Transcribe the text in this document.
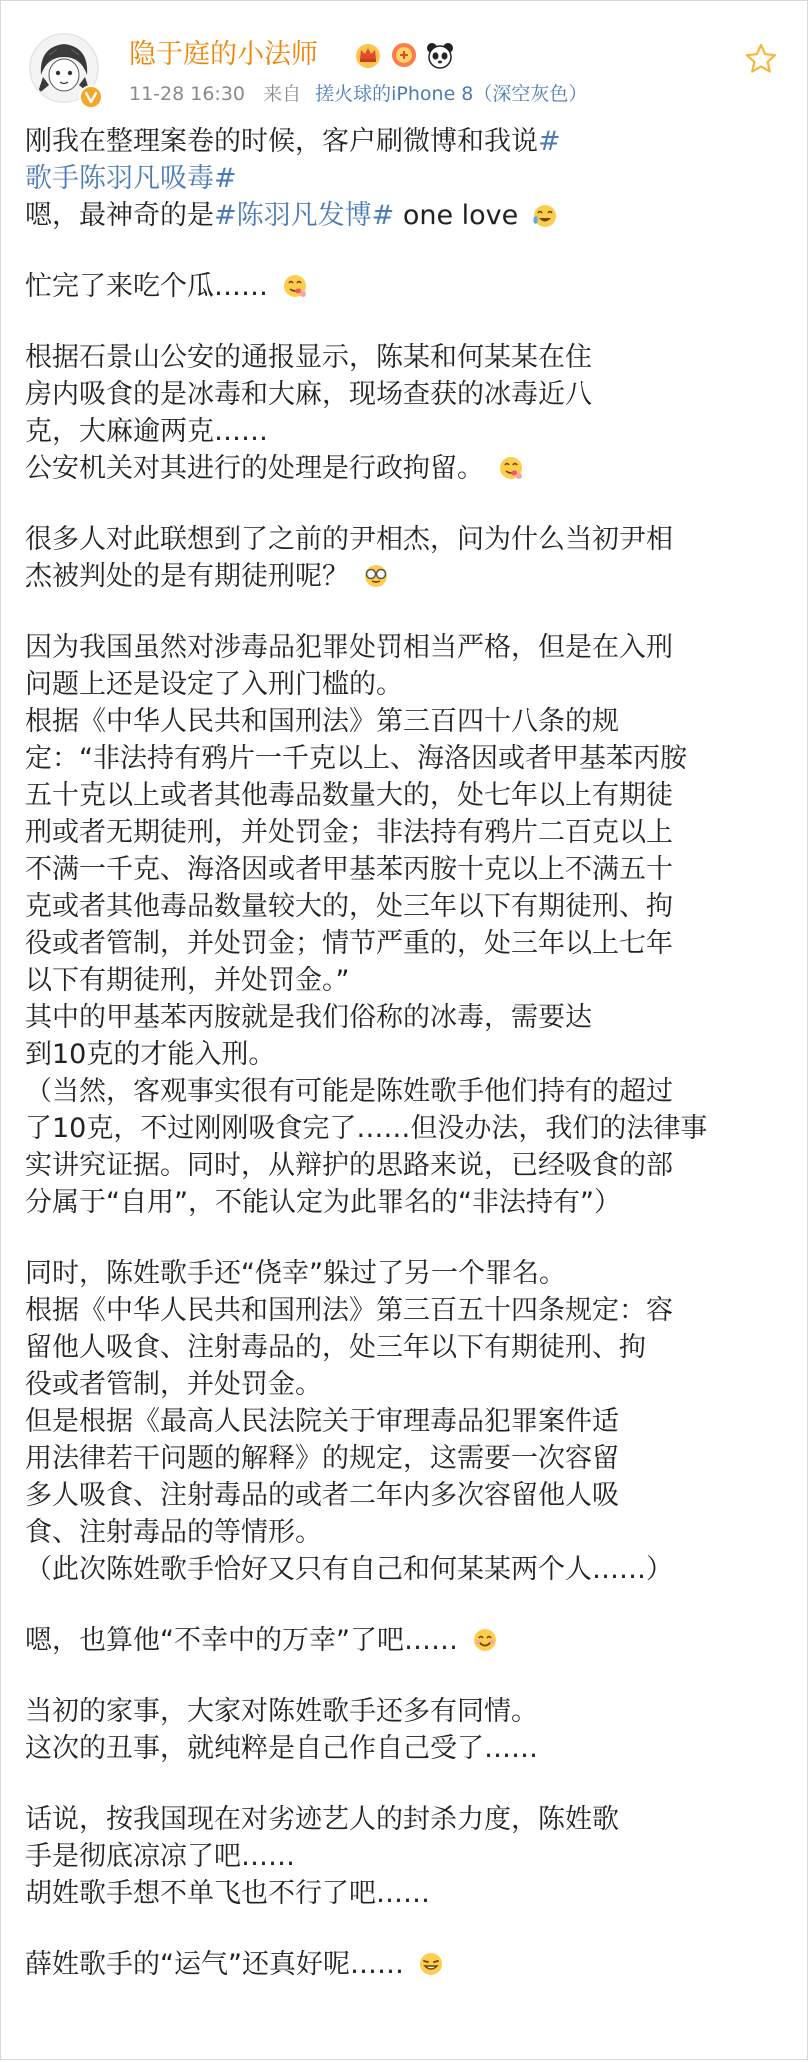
隐于庭的小法师
11-28 16:30 来自 搓火球的iPhone 8（深空灰色）
刚我在整理案卷的时候，客户刷微博和我说#
歌手陈羽凡吸毒#
嗯，最神奇的是#陈羽凡发博# one love
忙完了来吃个瓜……
根据石景山公安的通报显示，陈某和何某某在住
房内吸食的是冰毒和大麻，现场查获的冰毒近八
克，大麻逾两克……
公安机关对其进行的处理是行政拘留。
很多人对此联想到了之前的尹相杰，问为什么当初尹相
杰被判处的是有期徒刑呢？
因为我国虽然对涉毒品犯罪处罚相当严格，但是在入刑
问题上还是设定了入刑门槛的。
根据《中华人民共和国刑法》第三百四十八条的规
定：“非法持有鸦片一千克以上、海洛因或者甲基苯丙胺
五十克以上或者其他毒品数量大的，处七年以上有期徒
刑或者无期徒刑，并处罚金；非法持有鸦片二百克以上
不满一千克、海洛因或者甲基苯丙胺十克以上不满五十
克或者其他毒品数量较大的，处三年以下有期徒刑、拘
役或者管制，并处罚金；情节严重的，处三年以上七年
以下有期徒刑，并处罚金。”
其中的甲基苯丙胺就是我们俗称的冰毒，需要达
到10克的才能入刑。
（当然，客观事实很有可能是陈姓歌手他们持有的超过
了10克，不过刚刚吸食完了……但没办法，我们的法律事
实讲究证据。同时，从辩护的思路来说，已经吸食的部
分属于“自用”，不能认定为此罪名的“非法持有”）
同时，陈姓歌手还“侥幸”躲过了另一个罪名。
根据《中华人民共和国刑法》第三百五十四条规定：容
留他人吸食、注射毒品的，处三年以下有期徒刑、拘
役或者管制，并处罚金。
但是根据《最高人民法院关于审理毒品犯罪案件适
用法律若干问题的解释》的规定，这需要一次容留
多人吸食、注射毒品的或者二年内多次容留他人吸
食、注射毒品的等情形。
（此次陈姓歌手恰好又只有自己和何某某两个人……）
嗯，也算他“不幸中的万幸”了吧……
当初的家事，大家对陈姓歌手还多有同情。
这次的丑事，就纯粹是自己作自己受了……
话说，按我国现在对劣迹艺人的封杀力度，陈姓歌
手是彻底凉凉了吧……
胡姓歌手想不单飞也不行了吧……
薛姓歌手的“运气”还真好呢……
